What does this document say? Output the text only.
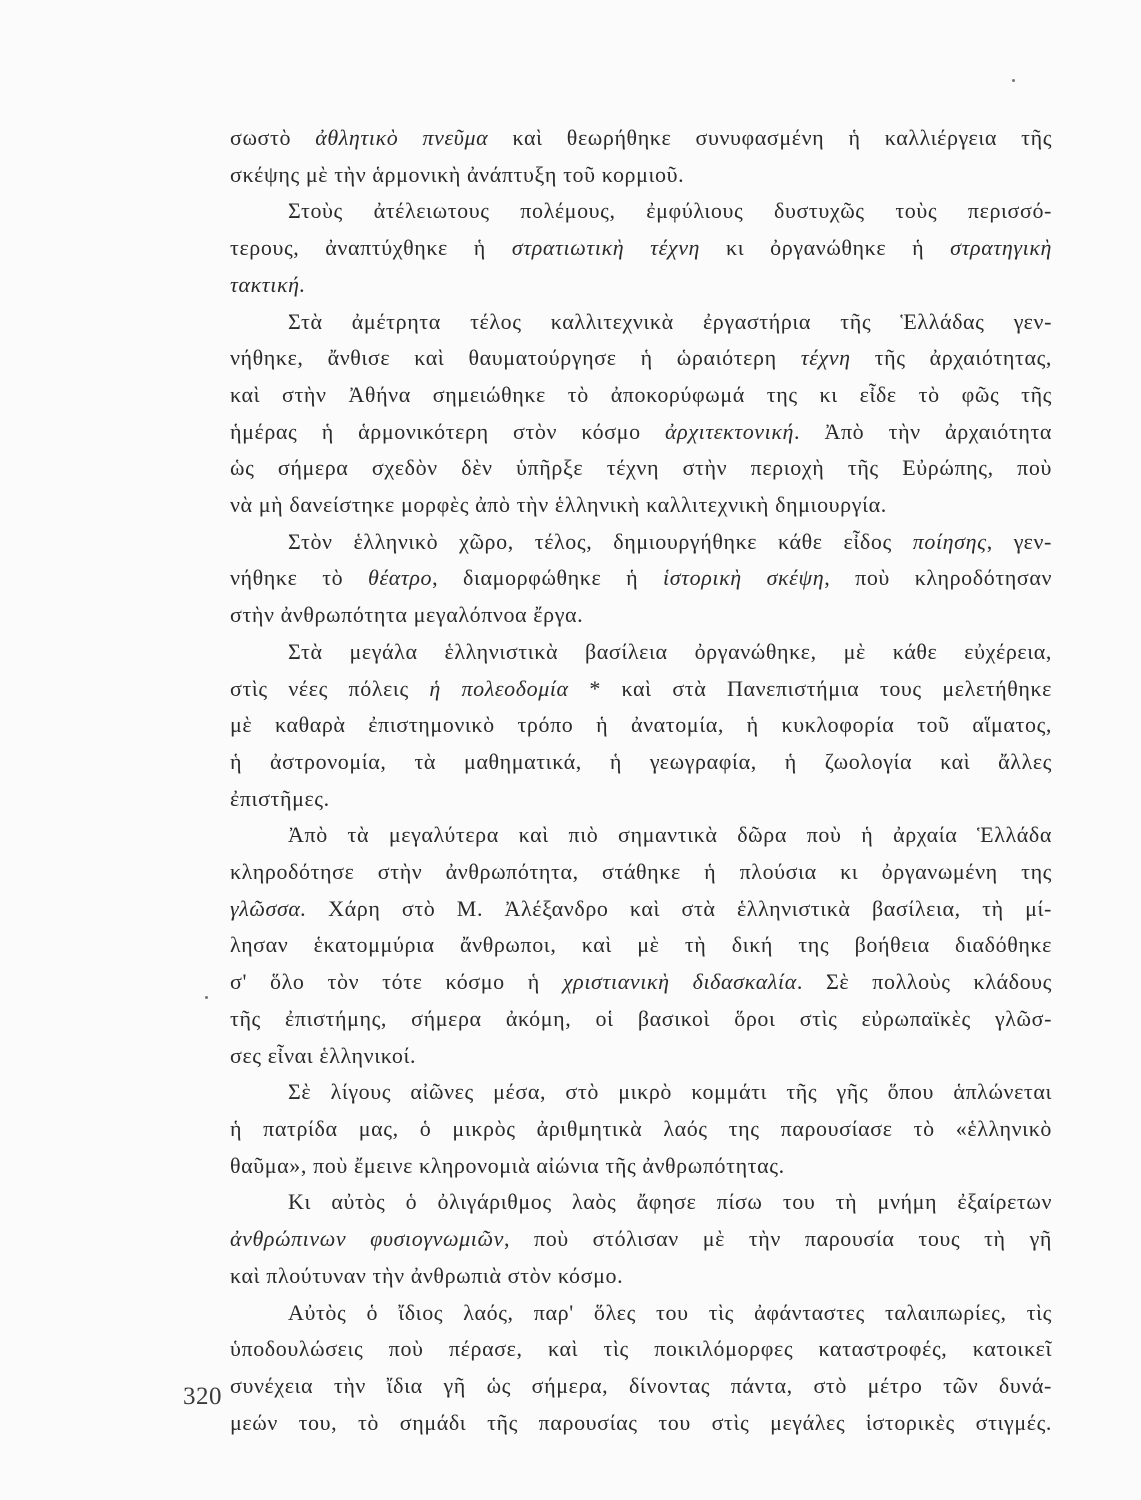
σωστὸ ἀθλητικὸ πνεῦμα καὶ θεωρήθηκε συνυφασμένη ἡ καλλιέργεια τῆς
σκέψης μὲ τὴν ἁρμονικὴ ἀνάπτυξη τοῦ κορμιοῦ.
Στοὺς ἀτέλειωτους πολέμους, ἐμφύλιους δυστυχῶς τοὺς περισσό-
τερους, ἀναπτύχθηκε ἡ στρατιωτικὴ τέχνη κι ὀργανώθηκε ἡ στρατηγικὴ
τακτική.
Στὰ ἀμέτρητα τέλος καλλιτεχνικὰ ἐργαστήρια τῆς Ἑλλάδας γεν-
νήθηκε, ἄνθισε καὶ θαυματούργησε ἡ ὡραιότερη τέχνη τῆς ἀρχαιότητας,
καὶ στὴν Ἀθήνα σημειώθηκε τὸ ἀποκορύφωμά της κι εἶδε τὸ φῶς τῆς
ἡμέρας ἡ ἁρμονικότερη στὸν κόσμο ἀρχιτεκτονική. Ἀπὸ τὴν ἀρχαιότητα
ὡς σήμερα σχεδὸν δὲν ὑπῆρξε τέχνη στὴν περιοχὴ τῆς Εὐρώπης, ποὺ
νὰ μὴ δανείστηκε μορφὲς ἀπὸ τὴν ἑλληνικὴ καλλιτεχνικὴ δημιουργία.
Στὸν ἑλληνικὸ χῶρο, τέλος, δημιουργήθηκε κάθε εἶδος ποίησης, γεν-
νήθηκε τὸ θέατρο, διαμορφώθηκε ἡ ἱστορικὴ σκέψη, ποὺ κληροδότησαν
στὴν ἀνθρωπότητα μεγαλόπνοα ἔργα.
Στὰ μεγάλα ἑλληνιστικὰ βασίλεια ὀργανώθηκε, μὲ κάθε εὐχέρεια,
στὶς νέες πόλεις ἡ πολεοδομία * καὶ στὰ Πανεπιστήμια τους μελετήθηκε
μὲ καθαρὰ ἐπιστημονικὸ τρόπο ἡ ἀνατομία, ἡ κυκλοφορία τοῦ αἵματος,
ἡ ἀστρονομία, τὰ μαθηματικά, ἡ γεωγραφία, ἡ ζωολογία καὶ ἄλλες
ἐπιστῆμες.
Ἀπὸ τὰ μεγαλύτερα καὶ πιὸ σημαντικὰ δῶρα ποὺ ἡ ἀρχαία Ἑλλάδα
κληροδότησε στὴν ἀνθρωπότητα, στάθηκε ἡ πλούσια κι ὀργανωμένη της
γλῶσσα. Χάρη στὸ Μ. Ἀλέξανδρο καὶ στὰ ἑλληνιστικὰ βασίλεια, τὴ μί-
λησαν ἑκατομμύρια ἄνθρωποι, καὶ μὲ τὴ δική της βοήθεια διαδόθηκε
σ' ὅλο τὸν τότε κόσμο ἡ χριστιανικὴ διδασκαλία. Σὲ πολλοὺς κλάδους
τῆς ἐπιστήμης, σήμερα ἀκόμη, οἱ βασικοὶ ὅροι στὶς εὐρωπαϊκὲς γλῶσ-
σες εἶναι ἑλληνικοί.
Σὲ λίγους αἰῶνες μέσα, στὸ μικρὸ κομμάτι τῆς γῆς ὅπου ἁπλώνεται
ἡ πατρίδα μας, ὁ μικρὸς ἀριθμητικὰ λαός της παρουσίασε τὸ «ἑλληνικὸ
θαῦμα», ποὺ ἔμεινε κληρονομιὰ αἰώνια τῆς ἀνθρωπότητας.
Κι αὐτὸς ὁ ὀλιγάριθμος λαὸς ἄφησε πίσω του τὴ μνήμη ἐξαίρετων
ἀνθρώπινων φυσιογνωμιῶν, ποὺ στόλισαν μὲ τὴν παρουσία τους τὴ γῆ
καὶ πλούτυναν τὴν ἀνθρωπιὰ στὸν κόσμο.
Αὐτὸς ὁ ἴδιος λαός, παρ' ὅλες του τὶς ἀφάνταστες ταλαιπωρίες, τὶς
ὑποδουλώσεις ποὺ πέρασε, καὶ τὶς ποικιλόμορφες καταστροφές, κατοικεῖ
συνέχεια τὴν ἴδια γῆ ὡς σήμερα, δίνοντας πάντα, στὸ μέτρο τῶν δυνά-
μεών του, τὸ σημάδι τῆς παρουσίας του στὶς μεγάλες ἱστορικὲς στιγμές.
320
